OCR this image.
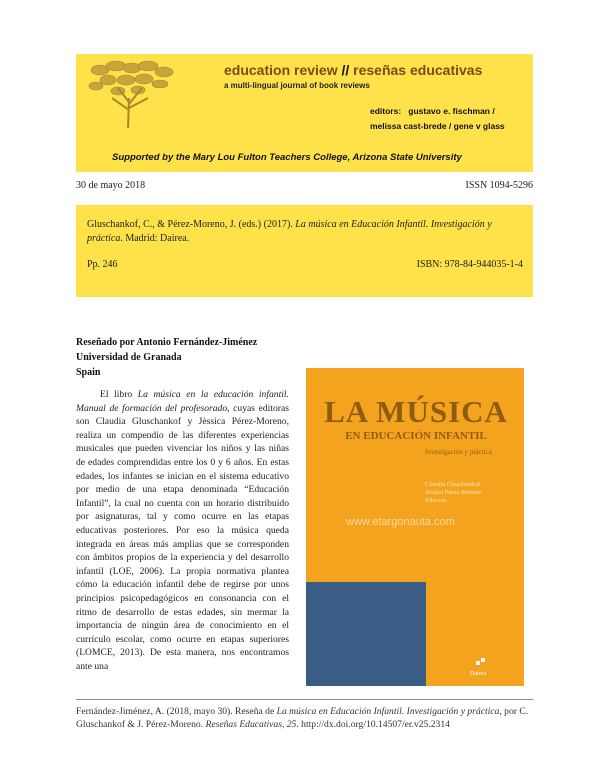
education review // reseñas educativas
a multi-lingual journal of book reviews
editors: gustavo e. fischman /
melissa cast-brede / gene v glass
Supported by the Mary Lou Fulton Teachers College, Arizona State University
30 de mayo 2018	ISSN 1094-5296
Gluschankof, C., & Pérez-Moreno, J. (eds.) (2017). La música en Educación Infantil. Investigación y práctica. Madrid: Dairea.
Pp. 246	ISBN: 978-84-944035-1-4
Reseñado por Antonio Fernández-Jiménez
Universidad de Granada
Spain

El libro La música en la educación infantil. Manual de formación del profesorado, cuyas editoras son Claudia Gluschankof y Jèssica Pérez-Moreno, realiza un compendio de las diferentes experiencias musicales que pueden vivenciar los niños y las niñas de edades comprendidas entre los 0 y 6 años. En estas edades, los infantes se inician en el sistema educativo por medio de una etapa denominada “Educación Infantil”, la cual no cuenta con un horario distribuido por asignaturas, tal y como ocurre en las etapas educativas posteriores. Por eso la música queda integrada en áreas más amplias que se corresponden con ámbitos propios de la experiencia y del desarrollo infantil (LOE, 2006). La propia normativa plantea cómo la educación infantil debe de regirse por unos principios psicopedagógicos en consonancia con el ritmo de desarrollo de estas edades, sin mermar la importancia de ningún área de conocimiento en el currículo escolar, como ocurre en etapas superiores (LOMCE, 2013). De esta manera, nos encontramos ante una

LA MÚSICA
EN EDUCACIÓN INFANTIL
Investigación y práctica
Claudia Gluschankof
Jèssica Pérez-Moreno
Editoras
www.etargonauta.com
Dairea
Fernández-Jiménez, A. (2018, mayo 30). Reseña de La música en Educación Infantil. Investigación y práctica, por C. Gluschankof & J. Pérez-Moreno. Reseñas Educativas, 25. http://dx.doi.org/10.14507/er.v25.2314
